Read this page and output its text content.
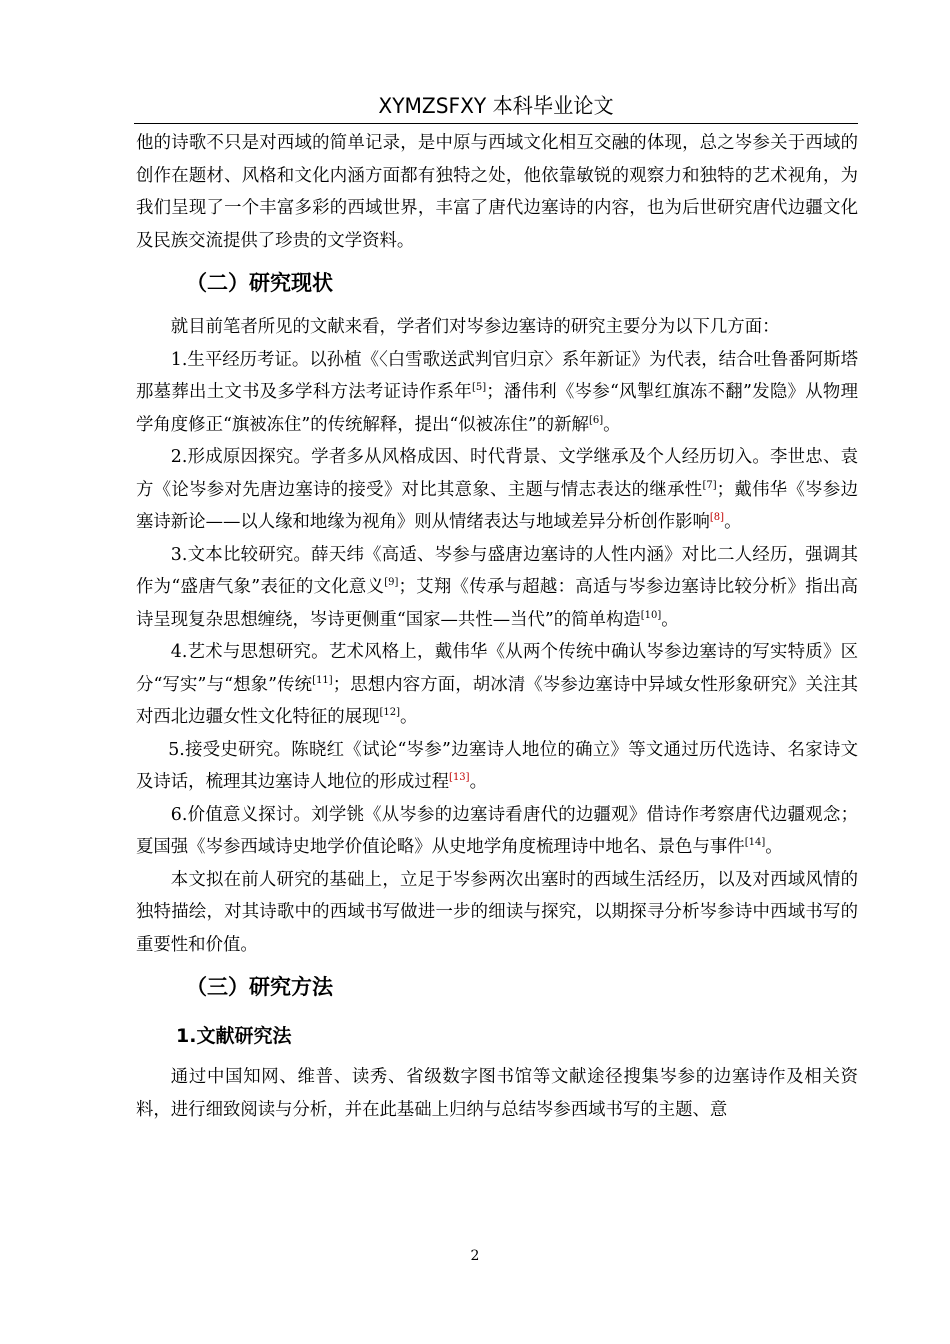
XYMZSFXY 本科毕业论文

他的诗歌不只是对西域的简单记录，是中原与西域文化相互交融的体现，总之岑参关于西域的创作在题材、风格和文化内涵方面都有独特之处，他依靠敏锐的观察力和独特的艺术视角，为我们呈现了一个丰富多彩的西域世界，丰富了唐代边塞诗的内容，也为后世研究唐代边疆文化及民族交流提供了珍贵的文学资料。

（二）研究现状

就目前笔者所见的文献来看，学者们对岑参边塞诗的研究主要分为以下几方面：

1.生平经历考证。以孙植《〈白雪歌送武判官归京〉系年新证》为代表，结合吐鲁番阿斯塔那墓葬出土文书及多学科方法考证诗作系年[5]；潘伟利《岑参“风掣红旗冻不翻”发隐》从物理学角度修正“旗被冻住”的传统解释，提出“似被冻住”的新解[6]。

2.形成原因探究。学者多从风格成因、时代背景、文学继承及个人经历切入。李世忠、袁方《论岑参对先唐边塞诗的接受》对比其意象、主题与情志表达的继承性[7]；戴伟华《岑参边塞诗新论——以人缘和地缘为视角》则从情绪表达与地域差异分析创作影响[8]。

3.文本比较研究。薛天纬《高适、岑参与盛唐边塞诗的人性内涵》对比二人经历，强调其作为“盛唐气象”表征的文化意义[9]；艾翔《传承与超越：高适与岑参边塞诗比较分析》指出高诗呈现复杂思想缠绕，岑诗更侧重“国家—共性—当代”的简单构造[10]。

4.艺术与思想研究。艺术风格上，戴伟华《从两个传统中确认岑参边塞诗的写实特质》区分“写实”与“想象”传统[11]；思想内容方面，胡冰清《岑参边塞诗中异域女性形象研究》关注其对西北边疆女性文化特征的展现[12]。

5.接受史研究。陈晓红《试论“岑参”边塞诗人地位的确立》等文通过历代选诗、名家诗文及诗话，梳理其边塞诗人地位的形成过程[13]。

6.价值意义探讨。刘学铫《从岑参的边塞诗看唐代的边疆观》借诗作考察唐代边疆观念；夏国强《岑参西域诗史地学价值论略》从史地学角度梳理诗中地名、景色与事件[14]。

本文拟在前人研究的基础上，立足于岑参两次出塞时的西域生活经历，以及对西域风情的独特描绘，对其诗歌中的西域书写做进一步的细读与探究，以期探寻分析岑参诗中西域书写的重要性和价值。

（三）研究方法
1.文献研究法

通过中国知网、维普、读秀、省级数字图书馆等文献途径搜集岑参的边塞诗作及相关资料，进行细致阅读与分析，并在此基础上归纳与总结岑参西域书写的主题、意

2
